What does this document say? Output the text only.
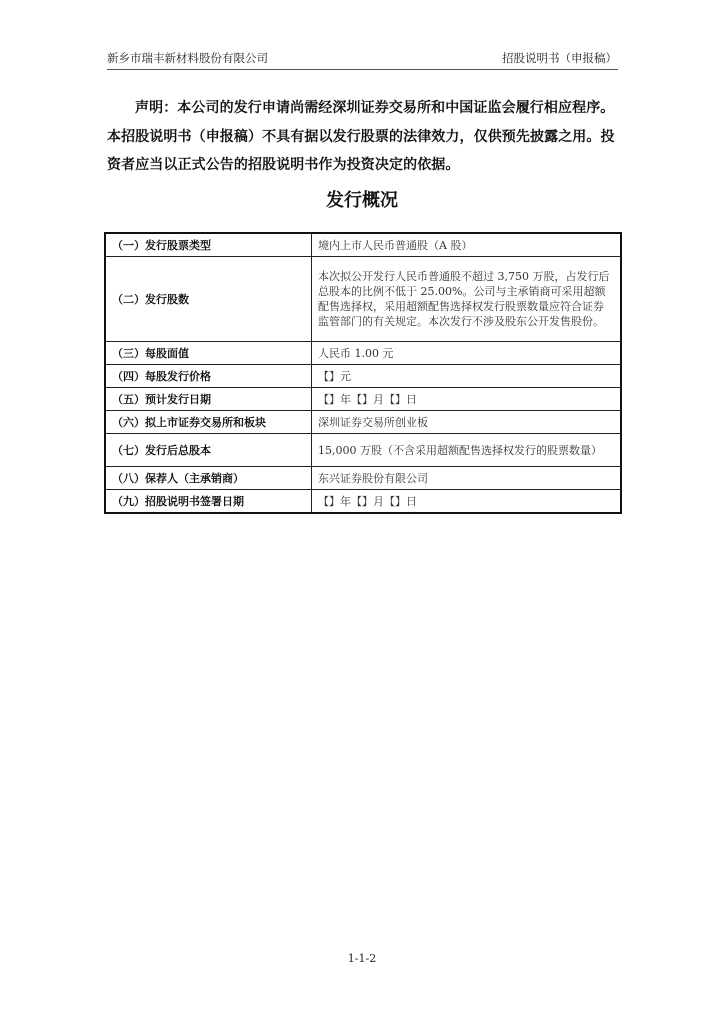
新乡市瑞丰新材料股份有限公司	招股说明书（申报稿）
声明：本公司的发行申请尚需经深圳证券交易所和中国证监会履行相应程序。本招股说明书（申报稿）不具有据以发行股票的法律效力，仅供预先披露之用。投资者应当以正式公告的招股说明书作为投资决定的依据。
发行概况
（一）发行股票类型	境内上市人民币普通股（A 股）
（二）发行股数	本次拟公开发行人民币普通股不超过 3,750 万股，占发行后总股本的比例不低于 25.00%。公司与主承销商可采用超额配售选择权，采用超额配售选择权发行股票数量应符合证券监管部门的有关规定。本次发行不涉及股东公开发售股份。
（三）每股面值	人民币 1.00 元
（四）每股发行价格	【】元
（五）预计发行日期	【】年【】月【】日
（六）拟上市证券交易所和板块	深圳证券交易所创业板
（七）发行后总股本	15,000 万股（不含采用超额配售选择权发行的股票数量）
（八）保荐人（主承销商）	东兴证券股份有限公司
（九）招股说明书签署日期	【】年【】月【】日
1-1-2
